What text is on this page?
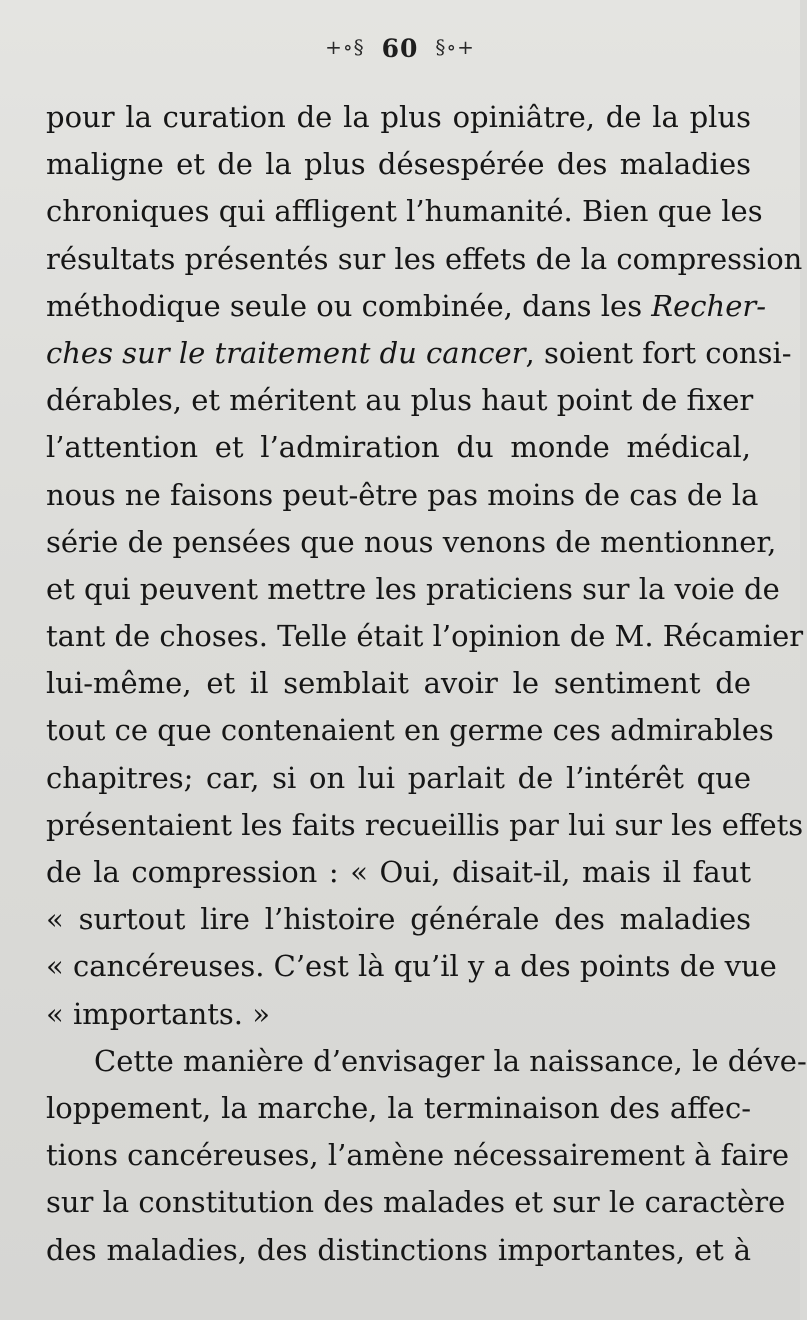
+∘§ 60 §∘+
pour la curation de la plus opiniâtre, de la plus
maligne et de la plus désespérée des maladies
chroniques qui affligent l’humanité. Bien que les
résultats présentés sur les effets de la compression
méthodique seule ou combinée, dans les Recher-
ches sur le traitement du cancer, soient fort consi-
dérables, et méritent au plus haut point de fixer
l’attention et l’admiration du monde médical,
nous ne faisons peut-être pas moins de cas de la
série de pensées que nous venons de mentionner,
et qui peuvent mettre les praticiens sur la voie de
tant de choses. Telle était l’opinion de M. Récamier
lui-même, et il semblait avoir le sentiment de
tout ce que contenaient en germe ces admirables
chapitres; car, si on lui parlait de l’intérêt que
présentaient les faits recueillis par lui sur les effets
de la compression : « Oui, disait-il, mais il faut
« surtout lire l’histoire générale des maladies
« cancéreuses. C’est là qu’il y a des points de vue
« importants. »
Cette manière d’envisager la naissance, le déve-
loppement, la marche, la terminaison des affec-
tions cancéreuses, l’amène nécessairement à faire
sur la constitution des malades et sur le caractère
des maladies, des distinctions importantes, et à
